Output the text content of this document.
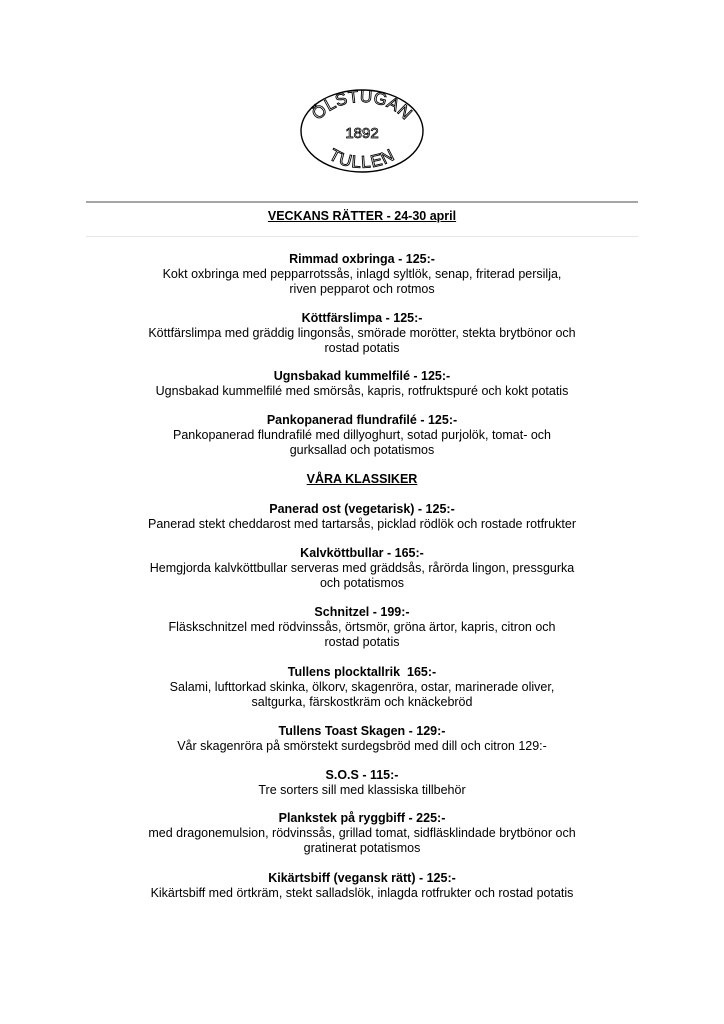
ÖLSTUGAN
1892
TULLEN
VECKANS RÄTTER - 24-30 april
Rimmad oxbringa - 125:-
Kokt oxbringa med pepparrotssås, inlagd syltlök, senap, friterad persilja,
riven pepparot och rotmos
Köttfärslimpa - 125:-
Köttfärslimpa med gräddig lingonsås, smörade morötter, stekta brytbönor och
rostad potatis
Ugnsbakad kummelfilé - 125:-
Ugnsbakad kummelfilé med smörsås, kapris, rotfruktspuré och kokt potatis
Pankopanerad flundrafilé - 125:-
Pankopanerad flundrafilé med dillyoghurt, sotad purjolök, tomat- och
gurksallad och potatismos
VÅRA KLASSIKER
Panerad ost (vegetarisk) - 125:-
Panerad stekt cheddarost med tartarsås, picklad rödlök och rostade rotfrukter
Kalvköttbullar - 165:-
Hemgjorda kalvköttbullar serveras med gräddsås, rårörda lingon, pressgurka
och potatismos
Schnitzel - 199:-
Fläskschnitzel med rödvinssås, örtsmör, gröna ärtor, kapris, citron och
rostad potatis
Tullens plocktallrik  165:-
Salami, lufttorkad skinka, ölkorv, skagenröra, ostar, marinerade oliver,
saltgurka, färskostkräm och knäckebröd
Tullens Toast Skagen - 129:-
Vår skagenröra på smörstekt surdegsbröd med dill och citron 129:-
S.O.S - 115:-
Tre sorters sill med klassiska tillbehör
Plankstek på ryggbiff - 225:-
med dragonemulsion, rödvinssås, grillad tomat, sidfläsklindade brytbönor och
gratinerat potatismos
Kikärtsbiff (vegansk rätt) - 125:-
Kikärtsbiff med örtkräm, stekt salladslök, inlagda rotfrukter och rostad potatis
